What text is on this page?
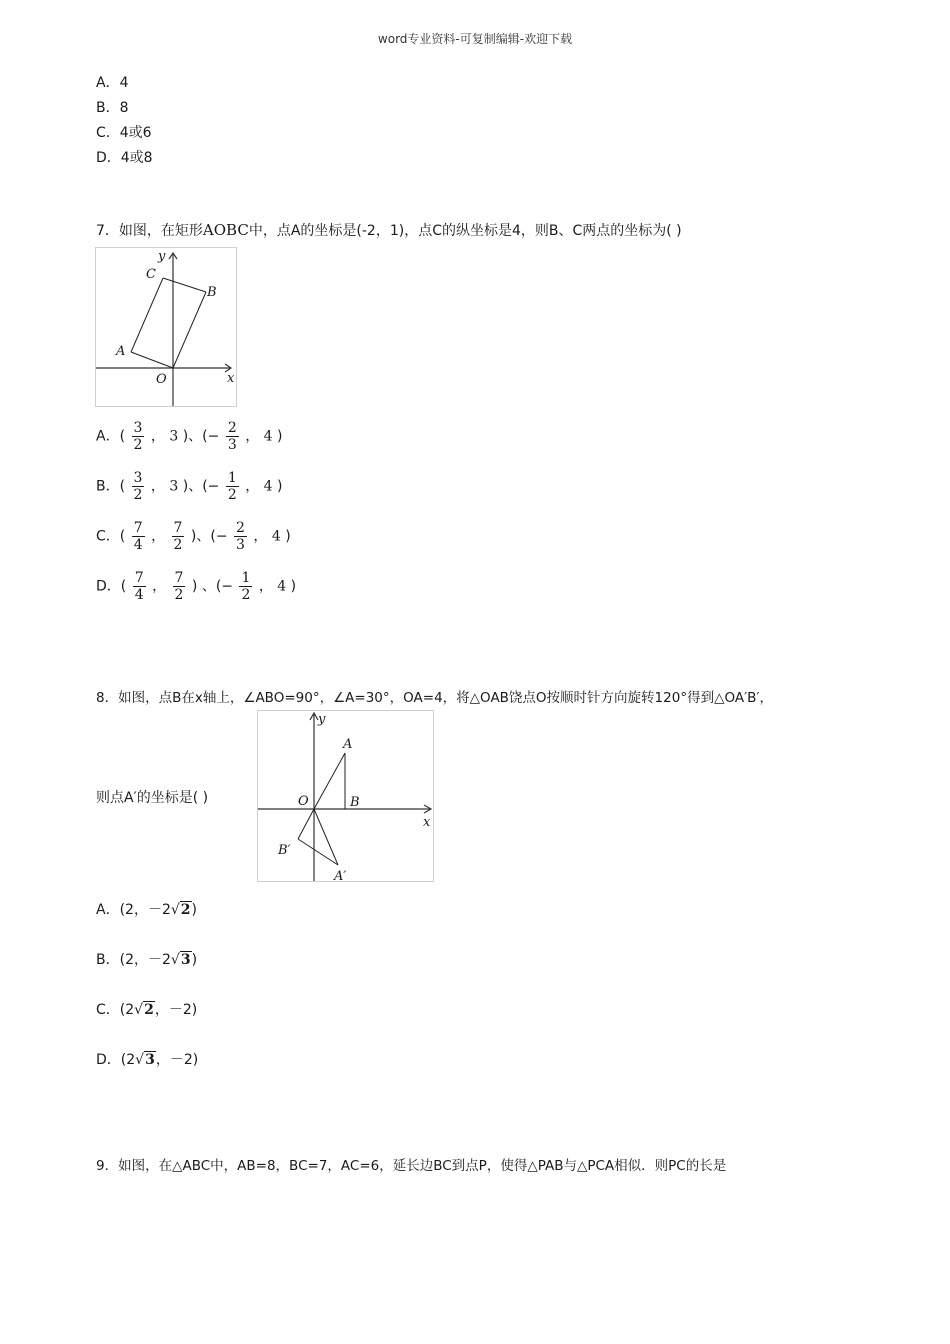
word专业资料-可复制编辑-欢迎下载
A．4
B．8
C．4或6
D．4或8
7．如图，在矩形AOBC中，点A的坐标是(-2，1)，点C的纵坐标是4，则B、C两点的坐标为( )
y
x
C
B
A
O
A．( $\frac{3}{2}$ ， 3 )、(− $\frac{2}{3}$ ， 4 )
B．( $\frac{3}{2}$ ， 3 )、(− $\frac{1}{2}$ ， 4 )
C．( $\frac{7}{4}$ ， $\frac{7}{2}$ )、(− $\frac{2}{3}$ ， 4 )
D．( $\frac{7}{4}$ ， $\frac{7}{2}$ ) 、(− $\frac{1}{2}$ ， 4 )
8．如图，点B在x轴上，∠ABO=90°，∠A=30°，OA=4，将△OAB饶点O按顺时针方向旋转120°得到△OA′B′，
则点A′的坐标是( )
y
x
A
O	B
B′
A′
A．(2，－2√2)
B．(2，－2√3)
C．(2√2，－2)
D．(2√3，－2)
9．如图，在△ABC中，AB=8，BC=7，AC=6，延长边BC到点P，使得△PAB与△PCA相似．则PC的长是
